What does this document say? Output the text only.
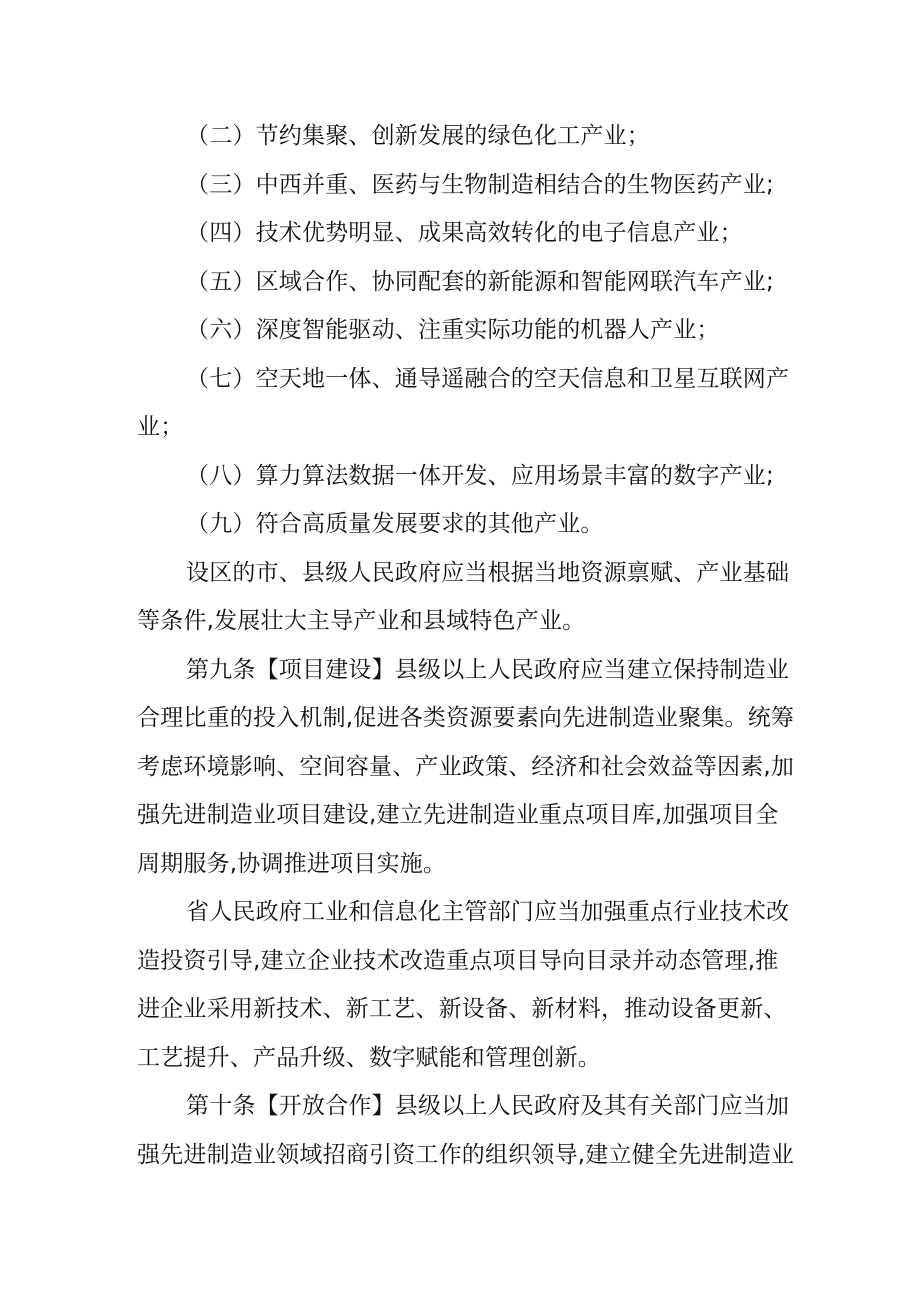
（二）节约集聚、创新发展的绿色化工产业；

（三）中西并重、医药与生物制造相结合的生物医药产业;

（四）技术优势明显、成果高效转化的电子信息产业；

（五）区域合作、协同配套的新能源和智能网联汽车产业;

（六）深度智能驱动、注重实际功能的机器人产业；

（七）空天地一体、通导遥融合的空天信息和卫星互联网产业；

（八）算力算法数据一体开发、应用场景丰富的数字产业;

（九）符合高质量发展要求的其他产业。

设区的市、县级人民政府应当根据当地资源禀赋、产业基础等条件,发展壮大主导产业和县域特色产业。

第九条【项目建设】县级以上人民政府应当建立保持制造业合理比重的投入机制,促进各类资源要素向先进制造业聚集。统筹考虑环境影响、空间容量、产业政策、经济和社会效益等因素,加强先进制造业项目建设,建立先进制造业重点项目库,加强项目全周期服务,协调推进项目实施。

省人民政府工业和信息化主管部门应当加强重点行业技术改造投资引导,建立企业技术改造重点项目导向目录并动态管理,推进企业采用新技术、新工艺、新设备、新材料，推动设备更新、工艺提升、产品升级、数字赋能和管理创新。

第十条【开放合作】县级以上人民政府及其有关部门应当加强先进制造业领域招商引资工作的组织领导,建立健全先进制造业
